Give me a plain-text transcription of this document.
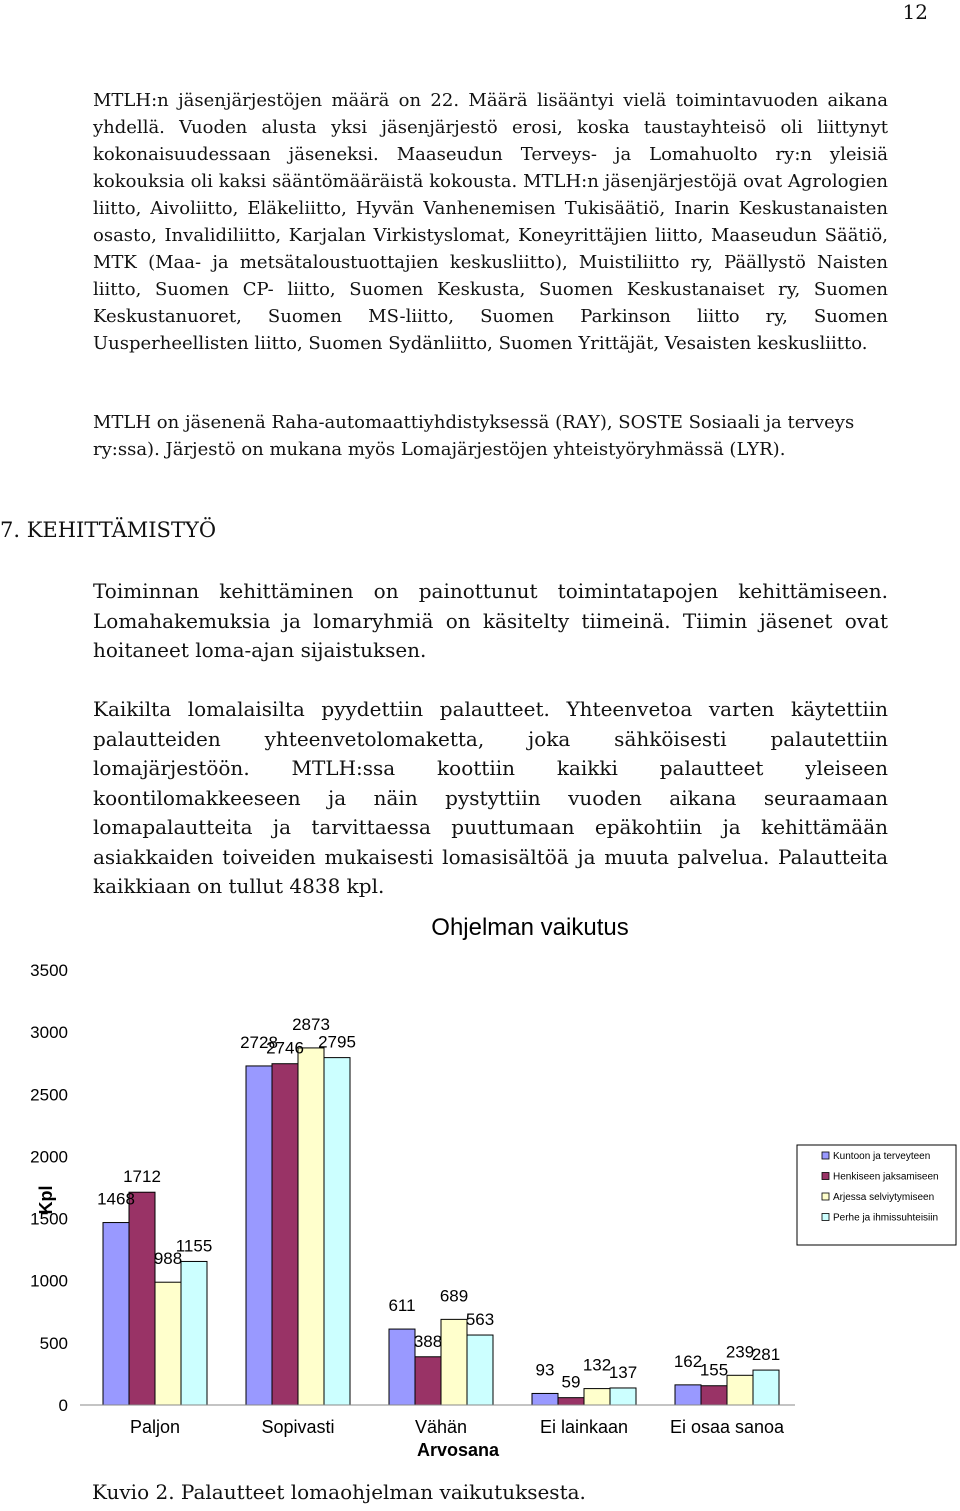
12

MTLH:n jäsenjärjestöjen määrä on 22. Määrä lisääntyi vielä toimintavuoden aikana yhdellä. Vuoden alusta yksi jäsenjärjestö erosi, koska taustayhteisö oli liittynyt kokonaisuudessaan jäseneksi. Maaseudun Terveys- ja Lomahuolto ry:n yleisiä kokouksia oli kaksi sääntömääräistä kokousta. MTLH:n jäsenjärjestöjä ovat Agrologien liitto, Aivoliitto, Eläkeliitto, Hyvän Vanhenemisen Tukisäätiö, Inarin Keskustanaisten osasto, Invalidiliitto, Karjalan Virkistyslomat, Koneyrittäjien liitto, Maaseudun Säätiö, MTK (Maa- ja metsätaloustuottajien keskusliitto), Muistiliitto ry, Päällystö Naisten liitto, Suomen CP- liitto, Suomen Keskusta, Suomen Keskustanaiset ry, Suomen Keskustanuoret, Suomen MS-liitto, Suomen Parkinson liitto ry, Suomen Uusperheellisten liitto, Suomen Sydänliitto, Suomen Yrittäjät, Vesaisten keskusliitto.

MTLH on jäsenenä Raha-automaattiyhdistyksessä (RAY), SOSTE Sosiaali ja terveys ry:ssa). Järjestö on mukana myös Lomajärjestöjen yhteistyöryhmässä (LYR).

7. KEHITTÄMISTYÖ

Toiminnan kehittäminen on painottunut toimintatapojen kehittämiseen. Lomahakemuksia ja lomaryhmiä on käsitelty tiimeinä. Tiimin jäsenet ovat hoitaneet loma-ajan sijaistuksen.

Kaikilta lomalaisilta pyydettiin palautteet. Yhteenvetoa varten käytettiin palautteiden yhteenvetolomaketta, joka sähköisesti palautettiin lomajärjestöön. MTLH:ssa koottiin kaikki palautteet yleiseen koontilomakkeeseen ja näin pystyttiin vuoden aikana seuraamaan lomapalautteita ja tarvittaessa puuttumaan epäkohtiin ja kehittämään asiakkaiden toiveiden mukaisesti lomasisältöä ja muuta palvelua. Palautteita kaikkiaan on tullut 4838 kpl.

Ohjelman vaikutus
0
500
1000
1500
2000
2500
3000
3500
1468
1712
988
1155
2728
2746
2873
2795
611
388
689
563
93
59
132
137
162
155
239
281
Paljon	Sopivasti	Vähän	Ei lainkaan Ei osaa sanoa
Arvosana
Kpl
Kuntoon ja terveyteen
Henkiseen jaksamiseen
Arjessa selviytymiseen
Perhe ja ihmissuhteisiin

Kuvio 2. Palautteet lomaohjelman vaikutuksesta.
